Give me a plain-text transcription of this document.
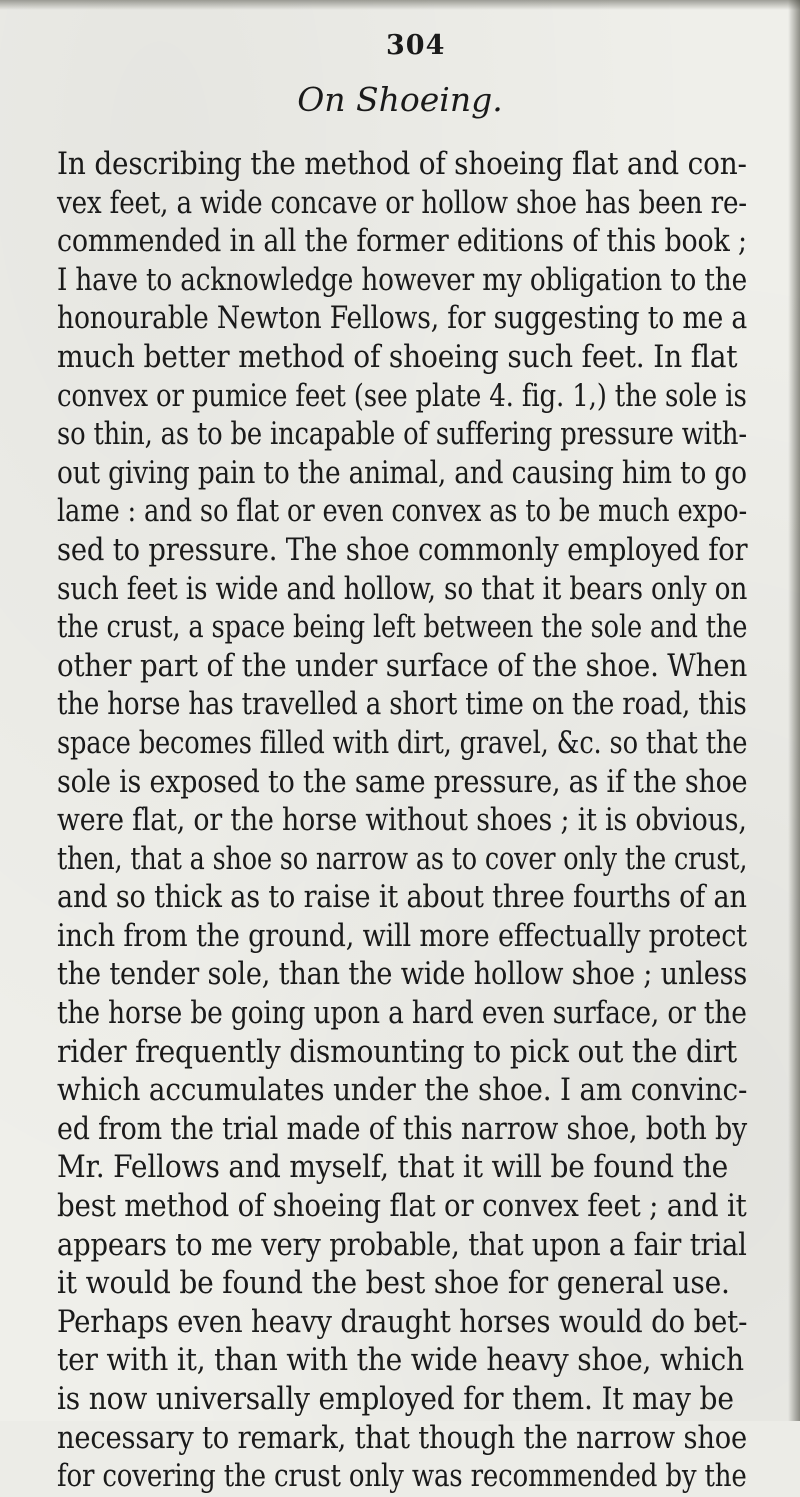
304
On Shoeing.
In describing the method of shoeing flat and con-
vex feet, a wide concave or hollow shoe has been re-
commended in all the former editions of this book ;
I have to acknowledge however my obligation to the
honourable Newton Fellows, for suggesting to me a
much better method of shoeing such feet. In flat
convex or pumice feet (see plate 4. fig. 1,) the sole is
so thin, as to be incapable of suffering pressure with-
out giving pain to the animal, and causing him to go
lame : and so flat or even convex as to be much expo-
sed to pressure. The shoe commonly employed for
such feet is wide and hollow, so that it bears only on
the crust, a space being left between the sole and the
other part of the under surface of the shoe. When
the horse has travelled a short time on the road, this
space becomes filled with dirt, gravel, &c. so that the
sole is exposed to the same pressure, as if the shoe
were flat, or the horse without shoes ; it is obvious,
then, that a shoe so narrow as to cover only the crust,
and so thick as to raise it about three fourths of an
inch from the ground, will more effectually protect
the tender sole, than the wide hollow shoe ; unless
the horse be going upon a hard even surface, or the
rider frequently dismounting to pick out the dirt
which accumulates under the shoe. I am convinc-
ed from the trial made of this narrow shoe, both by
Mr. Fellows and myself, that it will be found the
best method of shoeing flat or convex feet ; and it
appears to me very probable, that upon a fair trial
it would be found the best shoe for general use.
Perhaps even heavy draught horses would do bet-
ter with it, than with the wide heavy shoe, which
is now universally employed for them. It may be
necessary to remark, that though the narrow shoe
for covering the crust only was recommended by the
